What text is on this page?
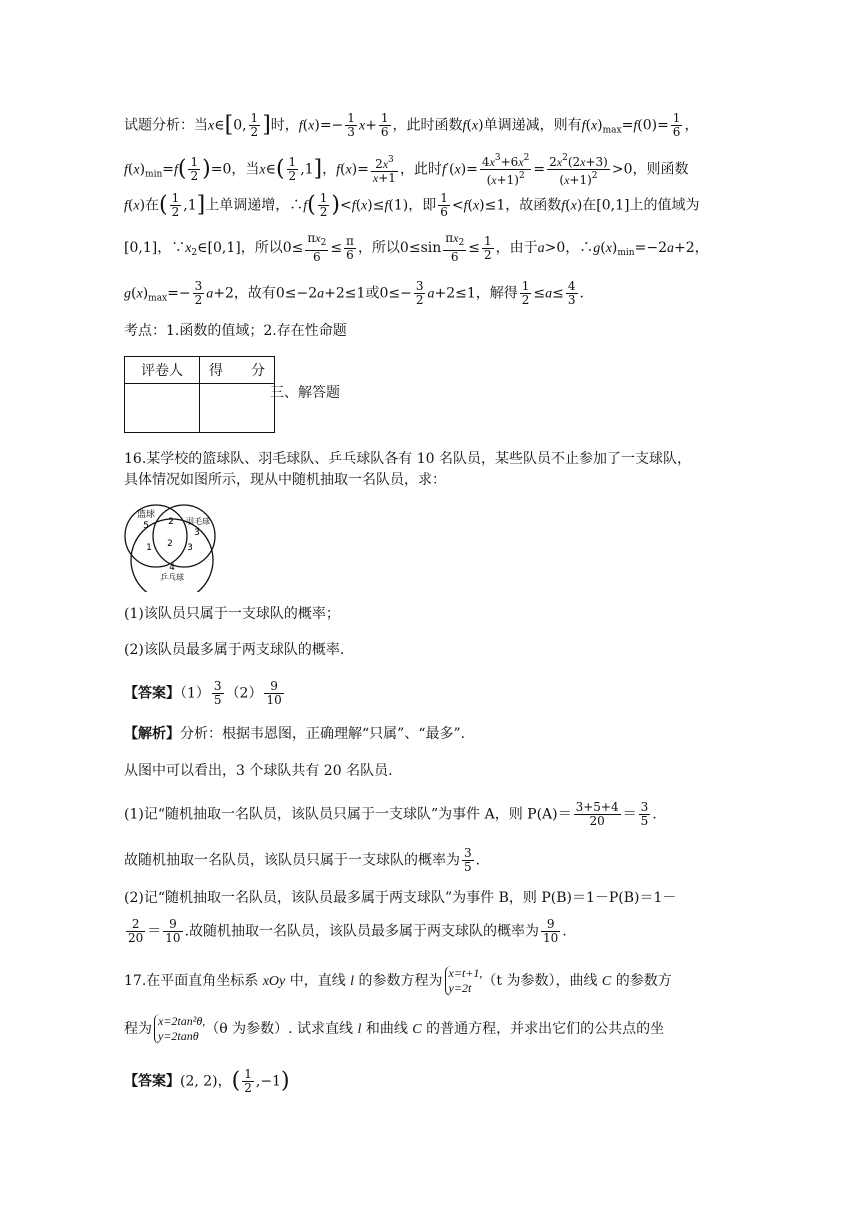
试题分析：当x∈[0, $\frac{1}{2}$ ]时，$f(x)=- \frac{1}{3} x+ \frac{1}{6}$ ，此时函数f(x)单调递减，则有$f(x)_{max}=f(0)= \frac{1}{6}$ ，
$f(x)_{min}=f( \frac{1}{2} )=0$，当x∈( $\frac{1}{2} ,1$]，$f(x)= \frac{2x^3}{x+1}$ ，此时$f'(x)= \frac{4x^3+6x^2}{(x+1)^2} = \frac{2x^2(2x+3)}{(x+1)^2} >0$，则函数
f(x)在( $\frac{1}{2} ,1$]上单调递增，∴f( $\frac{1}{2} )<f(x)\le f(1)$，即 $\frac{1}{6} <f(x)\le 1$，故函数f(x)在[0,1]上的值域为
[0,1]，$\because x_2\in[0,1]$，所以$0\le \frac{\pi x_2}{6} \le \frac{\pi}{6}$ ，所以$0\le\sin \frac{\pi x_2}{6} \le \frac{1}{2}$ ，由于a>0，$\therefore g(x)_{min}=-2a+2$，
$g(x)_{max}=- \frac{3}{2} a+2$，故有0≤−2a+2≤1或$0\le- \frac{3}{2} a+2\le 1$，解得 $\frac{1}{2} \le a\le \frac{4}{3}$ .
考点：1.函数的值域；2.存在性命题
评卷人	得　　分

三、解答题
16.某学校的篮球队、羽毛球队、乒乓球队各有 10 名队员，某些队员不止参加了一支球队，
具体情况如图所示，现从中随机抽取一名队员，求：
篮球
5 2 羽毛球
3
1 2 3
4
乒乓球
(1)该队员只属于一支球队的概率；
(2)该队员最多属于两支球队的概率.
【答案】$(1) \frac{3}{5} (2) \frac{9}{10}$
【解析】分析：根据韦恩图，正确理解“只属”、“最多”.
从图中可以看出，3 个球队共有 20 名队员.
(1)记“随机抽取一名队员，该队员只属于一支球队”为事件 A，则 $P(A)= \frac{3+5+4}{20} = \frac{3}{5}$ .
故随机抽取一名队员，该队员只属于一支球队的概率为 $\frac{3}{5}$ .
(2)记“随机抽取一名队员，该队员最多属于两支球队”为事件 B，则 P(B)＝1－P(B)＝1－
$\frac{2}{20} = \frac{9}{10}$ .故随机抽取一名队员，该队员最多属于两支球队的概率为 $\frac{9}{10}$ .
17.在平面直角坐标系 xOy 中，直线 l 的参数方程为 x=t+1,
y=2t （t 为参数），曲线 C 的参数方
程为 x=2tan²θ,
y=2tanθ （θ 为参数）. 试求直线 l 和曲线 C 的普通方程，并求出它们的公共点的坐
【答案】(2, 2)，( $\frac{1}{2} ,-1$)
